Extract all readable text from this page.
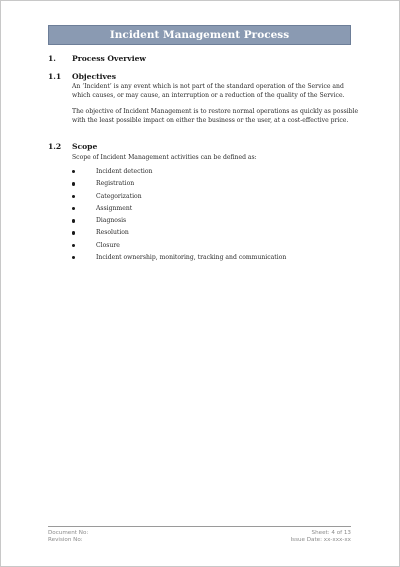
Incident Management Process
1. Process Overview
1.1 Objectives
An ‘Incident’ is any event which is not part of the standard operation of the Service and which causes, or may cause, an interruption or a reduction of the quality of the Service.
The objective of Incident Management is to restore normal operations as quickly as possible with the least possible impact on either the business or the user, at a cost-effective price.
1.2 Scope
Scope of Incident Management activities can be defined as:
Incident detection
Registration
Categorization
Assignment
Diagnosis
Resolution
Closure
Incident ownership, monitoring, tracking and communication
Document No:
Revision No:
Sheet: 4 of 13
Issue Date: xx-xxx-xx
